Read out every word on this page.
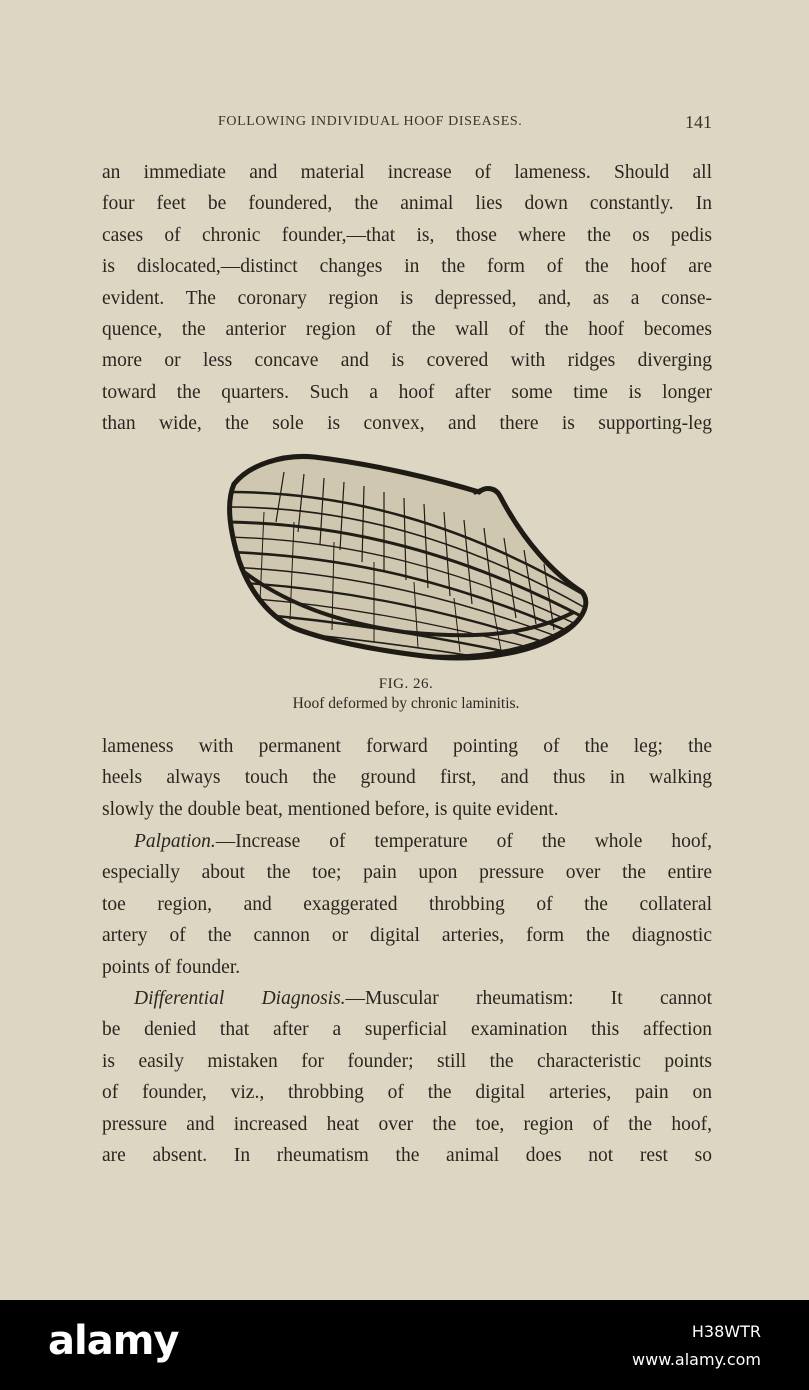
FOLLOWING INDIVIDUAL HOOF DISEASES.	141
an immediate and material increase of lameness. Should all
four feet be foundered, the animal lies down constantly. In
cases of chronic founder,—that is, those where the os pedis
is dislocated,—distinct changes in the form of the hoof are
evident. The coronary region is depressed, and, as a conse-
quence, the anterior region of the wall of the hoof becomes
more or less concave and is covered with ridges diverging
toward the quarters. Such a hoof after some time is longer
than wide, the sole is convex, and there is supporting-leg
FIG. 26.
Hoof deformed by chronic laminitis.
lameness with permanent forward pointing of the leg; the
heels always touch the ground first, and thus in walking
slowly the double beat, mentioned before, is quite evident.
Palpation.—Increase of temperature of the whole hoof,
especially about the toe; pain upon pressure over the entire
toe region, and exaggerated throbbing of the collateral
artery of the cannon or digital arteries, form the diagnostic
points of founder.
Differential Diagnosis.—Muscular rheumatism: It cannot
be denied that after a superficial examination this affection
is easily mistaken for founder; still the characteristic points
of founder, viz., throbbing of the digital arteries, pain on
pressure and increased heat over the toe, region of the hoof,
are absent. In rheumatism the animal does not rest so
alamy	H38WTR
www.alamy.com
